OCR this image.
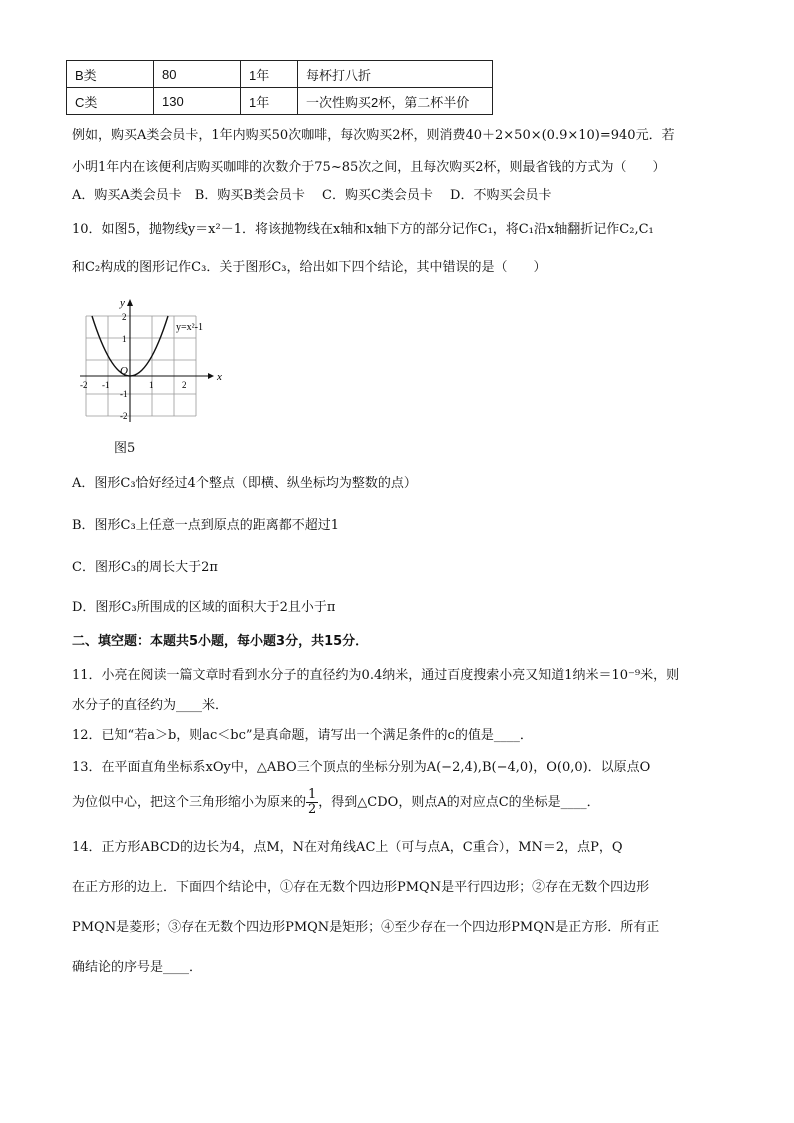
B类	80	1年	每杯打八折
C类	130	1年	一次性购买2杯，第二杯半价
例如，购买A类会员卡，1年内购买50次咖啡，每次购买2杯，则消费40＋2×50×(0.9×10)=940元．若
小明1年内在该便利店购买咖啡的次数介于75~85次之间，且每次购买2杯，则最省钱的方式为（　　）
A．购买A类会员卡　B．购买B类会员卡　 C．购买C类会员卡　 D．不购买会员卡
10．如图5，抛物线y＝x²－1．将该抛物线在x轴和x轴下方的部分记作C₁，将C₁沿x轴翻折记作C₂,C₁
和C₂构成的图形记作C₃．关于图形C₃，给出如下四个结论，其中错误的是（　　）
y=x²-1
x
y
O
-2 -1	1	2
2
1
-1
-2
图5
A．图形C₃恰好经过4个整点（即横、纵坐标均为整数的点）
B．图形C₃上任意一点到原点的距离都不超过1
C．图形C₃的周长大于2π
D．图形C₃所围成的区域的面积大于2且小于π
二、填空题：本题共5小题，每小题3分，共15分．
11．小亮在阅读一篇文章时看到水分子的直径约为0.4纳米，通过百度搜索小亮又知道1纳米＝10⁻⁹米，则
水分子的直径约为____米．
12．已知“若a＞b，则ac＜bc”是真命题，请写出一个满足条件的c的值是____．
13．在平面直角坐标系xOy中，△ABO三个顶点的坐标分别为A(−2,4),B(−4,0)，O(0,0)．以原点O
为位似中心，把这个三角形缩小为原来的 $\frac{1}{2}$ ，得到△CDO，则点A的对应点C的坐标是____．
14．正方形ABCD的边长为4，点M，N在对角线AC上（可与点A，C重合），MN＝2，点P，Q
在正方形的边上．下面四个结论中，①存在无数个四边形PMQN是平行四边形；②存在无数个四边形
PMQN是菱形；③存在无数个四边形PMQN是矩形；④至少存在一个四边形PMQN是正方形．所有正
确结论的序号是____．
